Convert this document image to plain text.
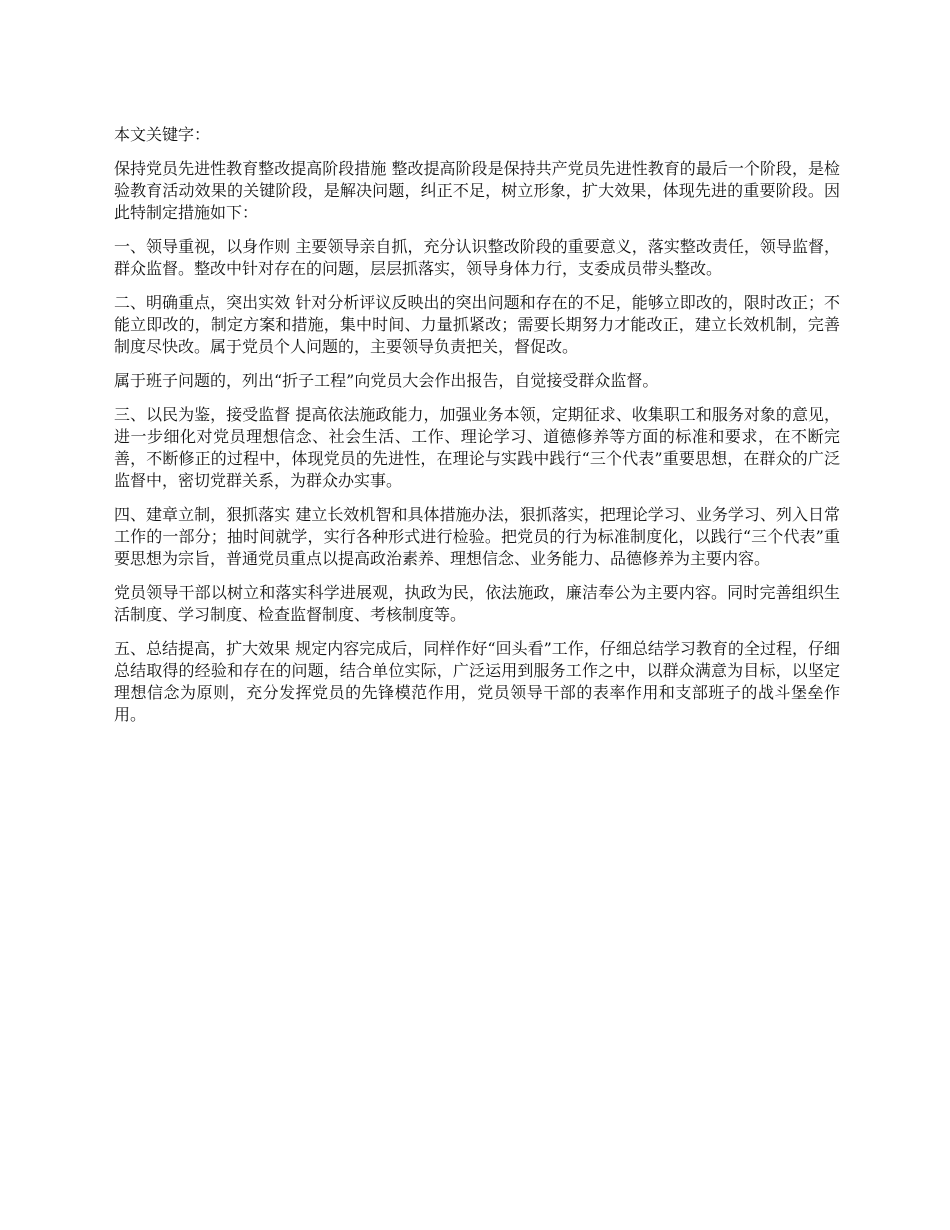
本文关键字：

保持党员先进性教育整改提高阶段措施 整改提高阶段是保持共产党员先进性教育的最后一个阶段，是检验教育活动效果的关键阶段，是解决问题，纠正不足，树立形象，扩大效果，体现先进的重要阶段。因此特制定措施如下：

一、领导重视，以身作则 主要领导亲自抓，充分认识整改阶段的重要意义，落实整改责任，领导监督，群众监督。整改中针对存在的问题，层层抓落实，领导身体力行，支委成员带头整改。

二、明确重点，突出实效 针对分析评议反映出的突出问题和存在的不足，能够立即改的，限时改正；不能立即改的，制定方案和措施，集中时间、力量抓紧改；需要长期努力才能改正，建立长效机制，完善制度尽快改。属于党员个人问题的，主要领导负责把关，督促改。

属于班子问题的，列出“折子工程”向党员大会作出报告，自觉接受群众监督。

三、以民为鉴，接受监督 提高依法施政能力，加强业务本领，定期征求、收集职工和服务对象的意见，进一步细化对党员理想信念、社会生活、工作、理论学习、道德修养等方面的标准和要求，在不断完善，不断修正的过程中，体现党员的先进性，在理论与实践中践行“三个代表”重要思想，在群众的广泛监督中，密切党群关系，为群众办实事。

四、建章立制，狠抓落实 建立长效机智和具体措施办法，狠抓落实，把理论学习、业务学习、列入日常工作的一部分；抽时间就学，实行各种形式进行检验。把党员的行为标准制度化，以践行“三个代表”重要思想为宗旨，普通党员重点以提高政治素养、理想信念、业务能力、品德修养为主要内容。

党员领导干部以树立和落实科学进展观，执政为民，依法施政，廉洁奉公为主要内容。同时完善组织生活制度、学习制度、检查监督制度、考核制度等。

五、总结提高，扩大效果 规定内容完成后，同样作好“回头看”工作，仔细总结学习教育的全过程，仔细总结取得的经验和存在的问题，结合单位实际，广泛运用到服务工作之中，以群众满意为目标，以坚定理想信念为原则，充分发挥党员的先锋模范作用，党员领导干部的表率作用和支部班子的战斗堡垒作用。
